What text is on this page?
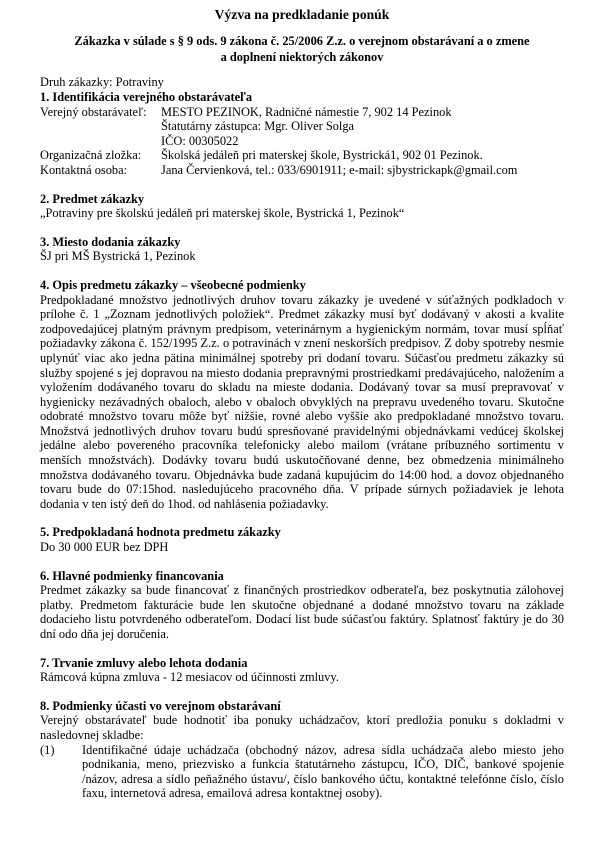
Výzva na predkladanie ponúk

Zákazka v súlade s § 9 ods. 9 zákona č. 25/2006 Z.z. o verejnom obstarávaní a o zmene

a doplnení niektorých zákonov

Druh zákazky: Potraviny

1. Identifikácia verejného obstarávateľa

Verejný obstarávateľ:	MESTO PEZINOK, Radničné námestie 7, 902 14 Pezinok
	Štatutárny zástupca: Mgr. Oliver Solga
	IČO: 00305022
Organizačná zložka:	Školská jedáleň pri materskej škole, Bystrická1, 902 01 Pezinok.
Kontaktná osoba:	Jana Červienková, tel.: 033/6901911; e-mail: sjbystrickapk@gmail.com

2. Predmet zákazky

„Potraviny pre školskú jedáleň pri materskej škole, Bystrická 1, Pezinok“

3. Miesto dodania zákazky

ŠJ pri MŠ Bystrická 1, Pezinok

4. Opis predmetu zákazky – všeobecné podmienky

Predpokladané množstvo jednotlivých druhov tovaru zákazky je uvedené v súťažných podkladoch v prílohe č. 1 „Zoznam jednotlivých položiek“. Predmet zákazky musí byť dodávaný v akosti a kvalite zodpovedajúcej platným právnym predpisom, veterinárnym a hygienickým normám, tovar musí spĺňať požiadavky zákona č. 152/1995 Z.z. o potravinách v znení neskorších predpisov. Z doby spotreby nesmie uplynúť viac ako jedna pätina minimálnej spotreby pri dodaní tovaru. Súčasťou predmetu zákazky sú služby spojené s jej dopravou na miesto dodania prepravnými prostriedkami predávajúceho, naložením a vyložením dodávaného tovaru do skladu na mieste dodania. Dodávaný tovar sa musí prepravovať v hygienicky nezávadných obaloch, alebo v obaloch obvyklých na prepravu uvedeného tovaru. Skutočne odobraté množstvo tovaru môže byť nižšie, rovné alebo vyššie ako predpokladané množstvo tovaru. Množstvá jednotlivých druhov tovaru budú spresňované pravidelnými objednávkami vedúcej školskej jedálne alebo povereného pracovníka telefonicky alebo mailom (vrátane príbuzného sortimentu v menších množstvách). Dodávky tovaru budú uskutočňované denne, bez obmedzenia minimálneho množstva dodávaného tovaru. Objednávka bude zadaná kupujúcim do 14:00 hod. a dovoz objednaného tovaru bude do 07:15hod. nasledujúceho pracovného dňa. V prípade súrnych požiadaviek je lehota dodania v ten istý deň do 1hod. od nahlásenia požiadavky.

5. Predpokladaná hodnota predmetu zákazky

Do 30 000 EUR bez DPH

6. Hlavné podmienky financovania

Predmet zákazky sa bude financovať z finančných prostriedkov odberateľa, bez poskytnutia zálohovej platby. Predmetom fakturácie bude len skutočne objednané a dodané množstvo tovaru na základe dodacieho listu potvrdeného odberateľom. Dodací list bude súčasťou faktúry. Splatnosť faktúry je do 30 dní odo dňa jej doručenia.

7. Trvanie zmluvy alebo lehota dodania

Rámcová kúpna zmluva - 12 mesiacov od účinnosti zmluvy.

8. Podmienky účasti vo verejnom obstarávaní

Verejný obstarávateľ bude hodnotiť iba ponuky uchádzačov, ktorí predložia ponuku s dokladmi v nasledovnej skladbe:

(1)	Identifikačné údaje uchádzača (obchodný názov, adresa sídla uchádzača alebo miesto jeho podnikania, meno, priezvisko a funkcia štatutárneho zástupcu, IČO, DIČ, bankové spojenie /názov, adresa a sídlo peňažného ústavu/, číslo bankového účtu, kontaktné telefónne číslo, číslo faxu, internetová adresa, emailová adresa kontaktnej osoby).
